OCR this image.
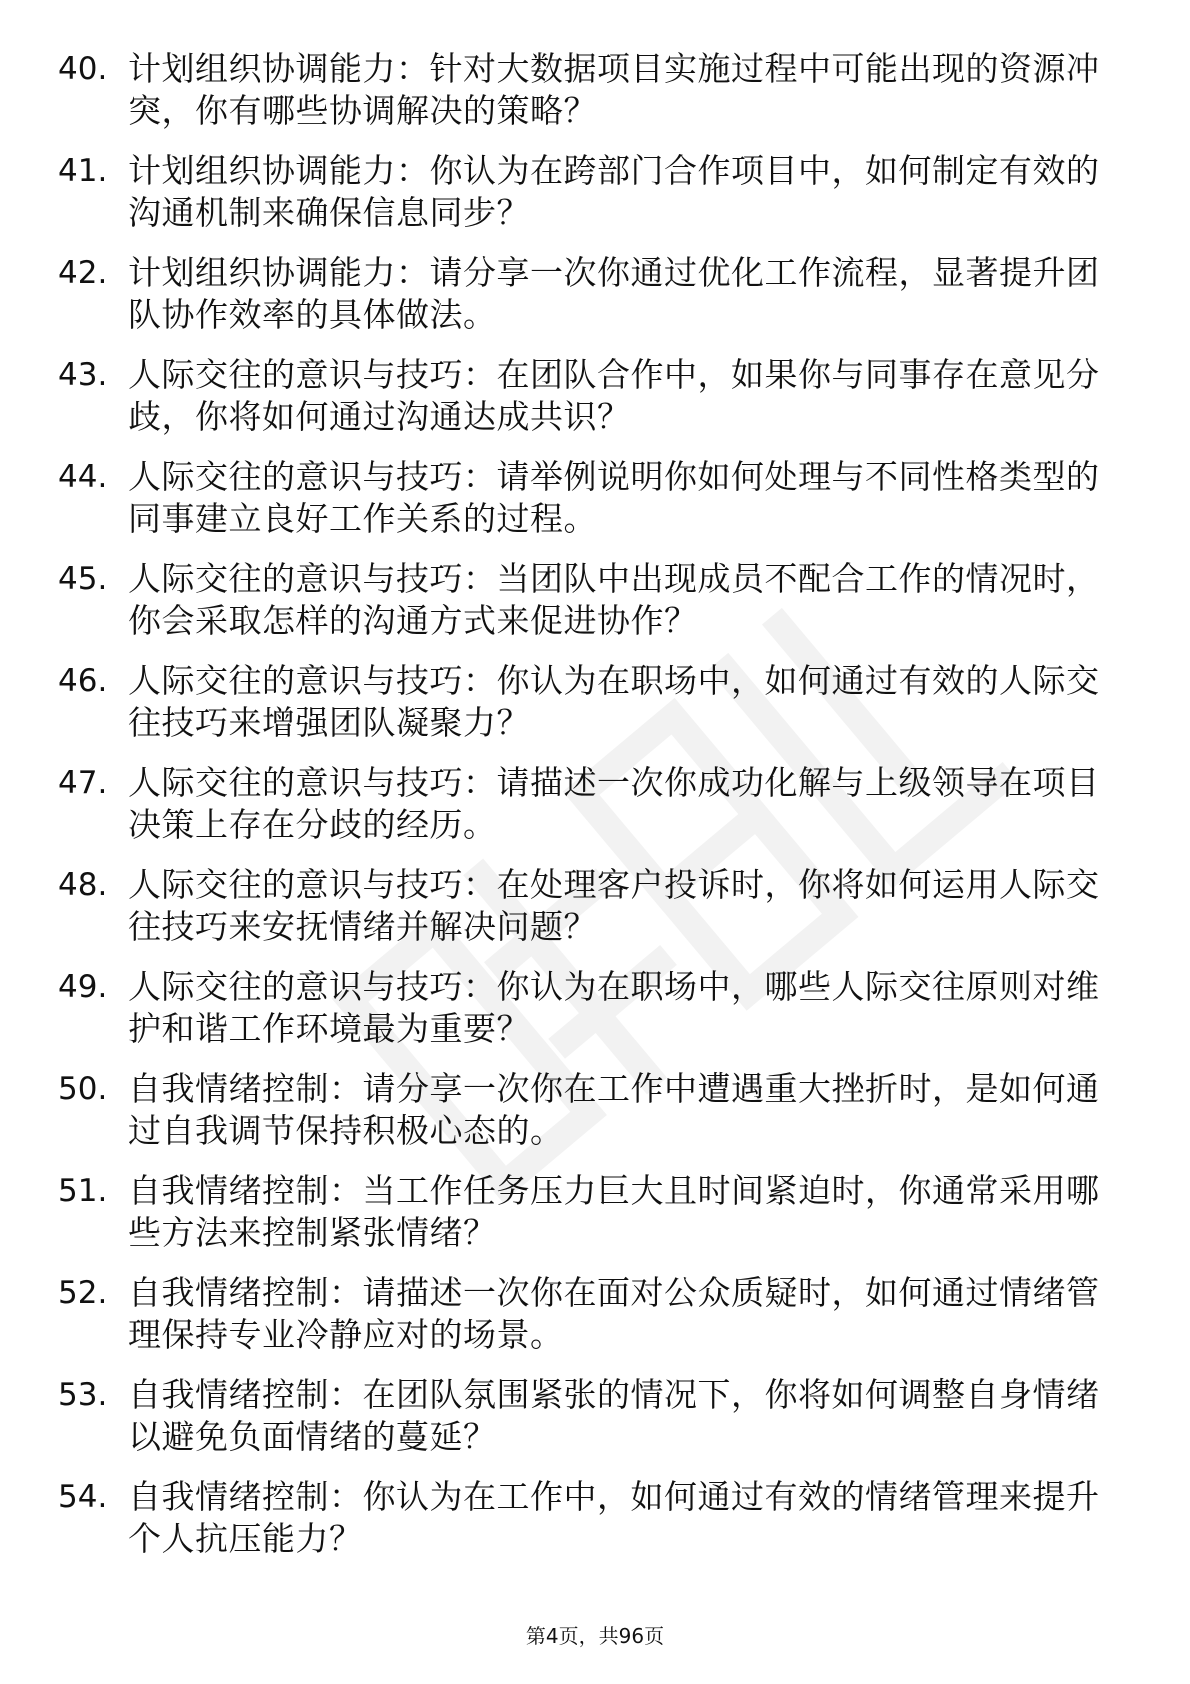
40. 计划组织协调能力：针对大数据项目实施过程中可能出现的资源冲突，你有哪些协调解决的策略？
41. 计划组织协调能力：你认为在跨部门合作项目中，如何制定有效的沟通机制来确保信息同步？
42. 计划组织协调能力：请分享一次你通过优化工作流程，显著提升团队协作效率的具体做法。
43. 人际交往的意识与技巧：在团队合作中，如果你与同事存在意见分歧，你将如何通过沟通达成共识？
44. 人际交往的意识与技巧：请举例说明你如何处理与不同性格类型的同事建立良好工作关系的过程。
45. 人际交往的意识与技巧：当团队中出现成员不配合工作的情况时，你会采取怎样的沟通方式来促进协作？
46. 人际交往的意识与技巧：你认为在职场中，如何通过有效的人际交往技巧来增强团队凝聚力？
47. 人际交往的意识与技巧：请描述一次你成功化解与上级领导在项目决策上存在分歧的经历。
48. 人际交往的意识与技巧：在处理客户投诉时，你将如何运用人际交往技巧来安抚情绪并解决问题？
49. 人际交往的意识与技巧：你认为在职场中，哪些人际交往原则对维护和谐工作环境最为重要？
50. 自我情绪控制：请分享一次你在工作中遭遇重大挫折时，是如何通过自我调节保持积极心态的。
51. 自我情绪控制：当工作任务压力巨大且时间紧迫时，你通常采用哪些方法来控制紧张情绪？
52. 自我情绪控制：请描述一次你在面对公众质疑时，如何通过情绪管理保持专业冷静应对的场景。
53. 自我情绪控制：在团队氛围紧张的情况下，你将如何调整自身情绪以避免负面情绪的蔓延？
54. 自我情绪控制：你认为在工作中，如何通过有效的情绪管理来提升个人抗压能力？
第4页，共96页
